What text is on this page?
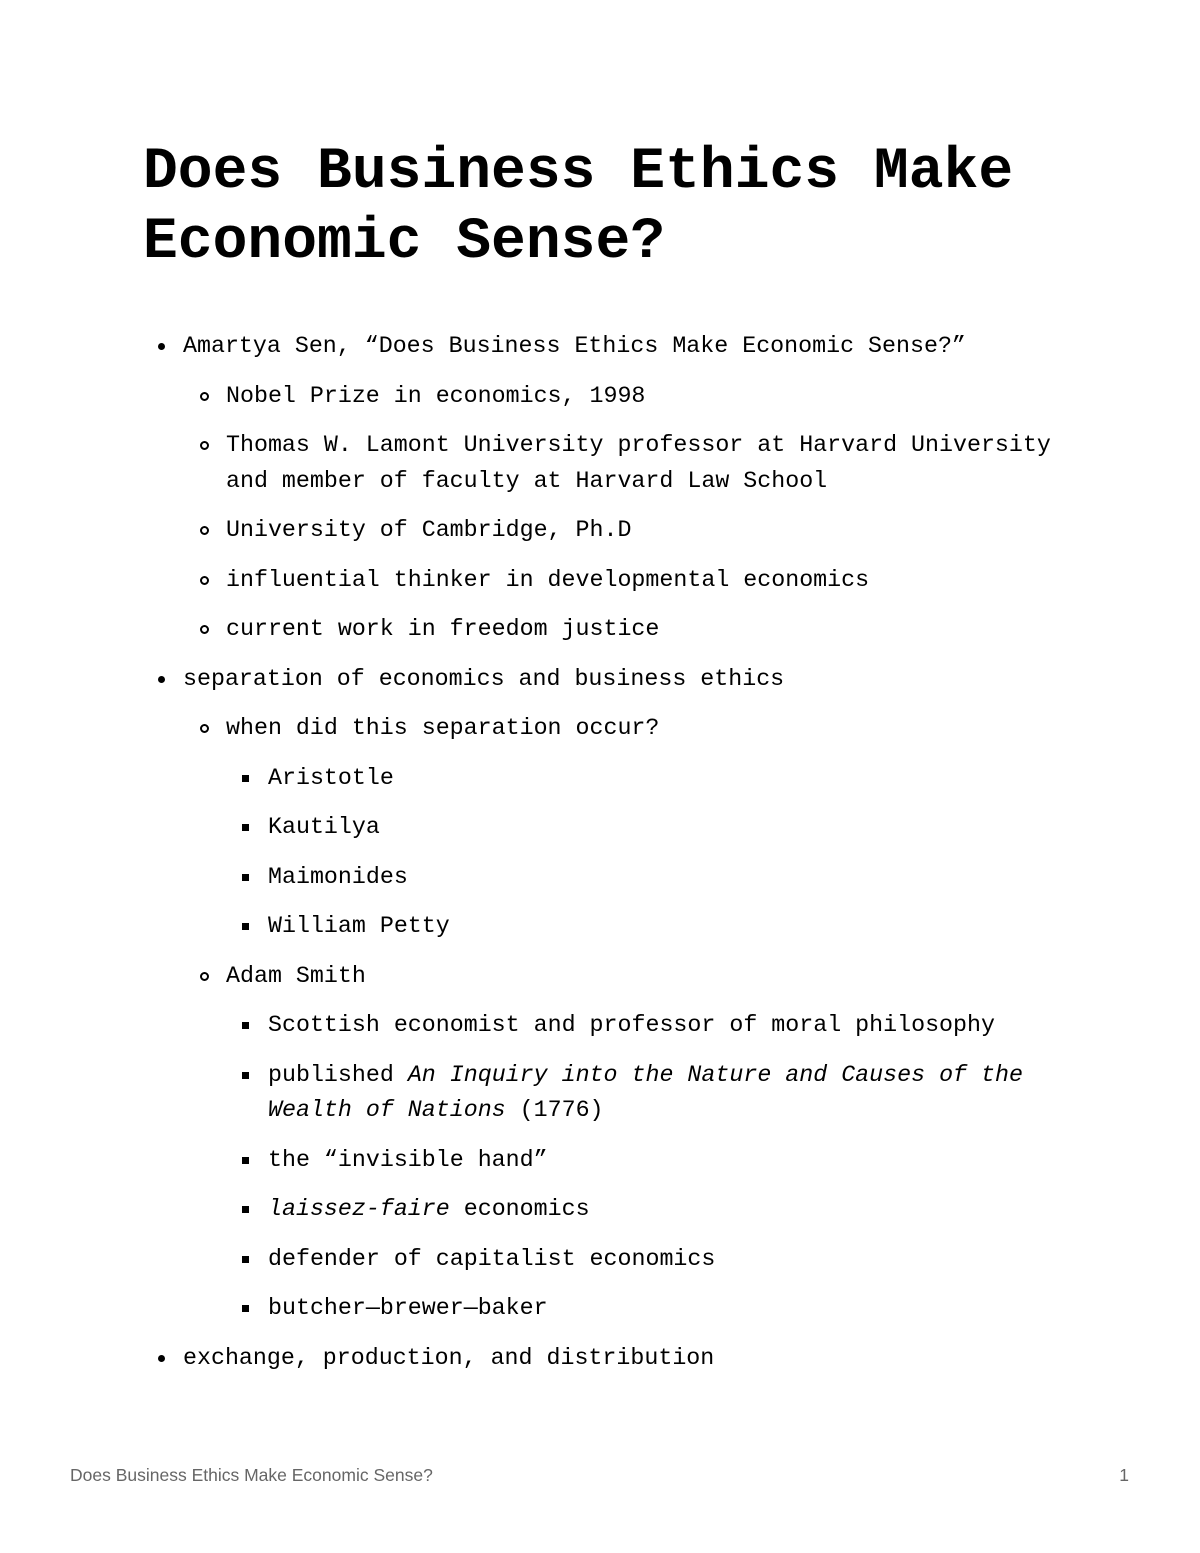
Does Business Ethics Make Economic Sense?
Amartya Sen, “Does Business Ethics Make Economic Sense?”
Nobel Prize in economics, 1998
Thomas W. Lamont University professor at Harvard University and member of faculty at Harvard Law School
University of Cambridge, Ph.D
influential thinker in developmental economics
current work in freedom justice
separation of economics and business ethics
when did this separation occur?
Aristotle
Kautilya
Maimonides
William Petty
Adam Smith
Scottish economist and professor of moral philosophy
published An Inquiry into the Nature and Causes of the Wealth of Nations (1776)
the “invisible hand”
laissez-faire economics
defender of capitalist economics
butcher—brewer—baker
exchange, production, and distribution
Does Business Ethics Make Economic Sense?	1
